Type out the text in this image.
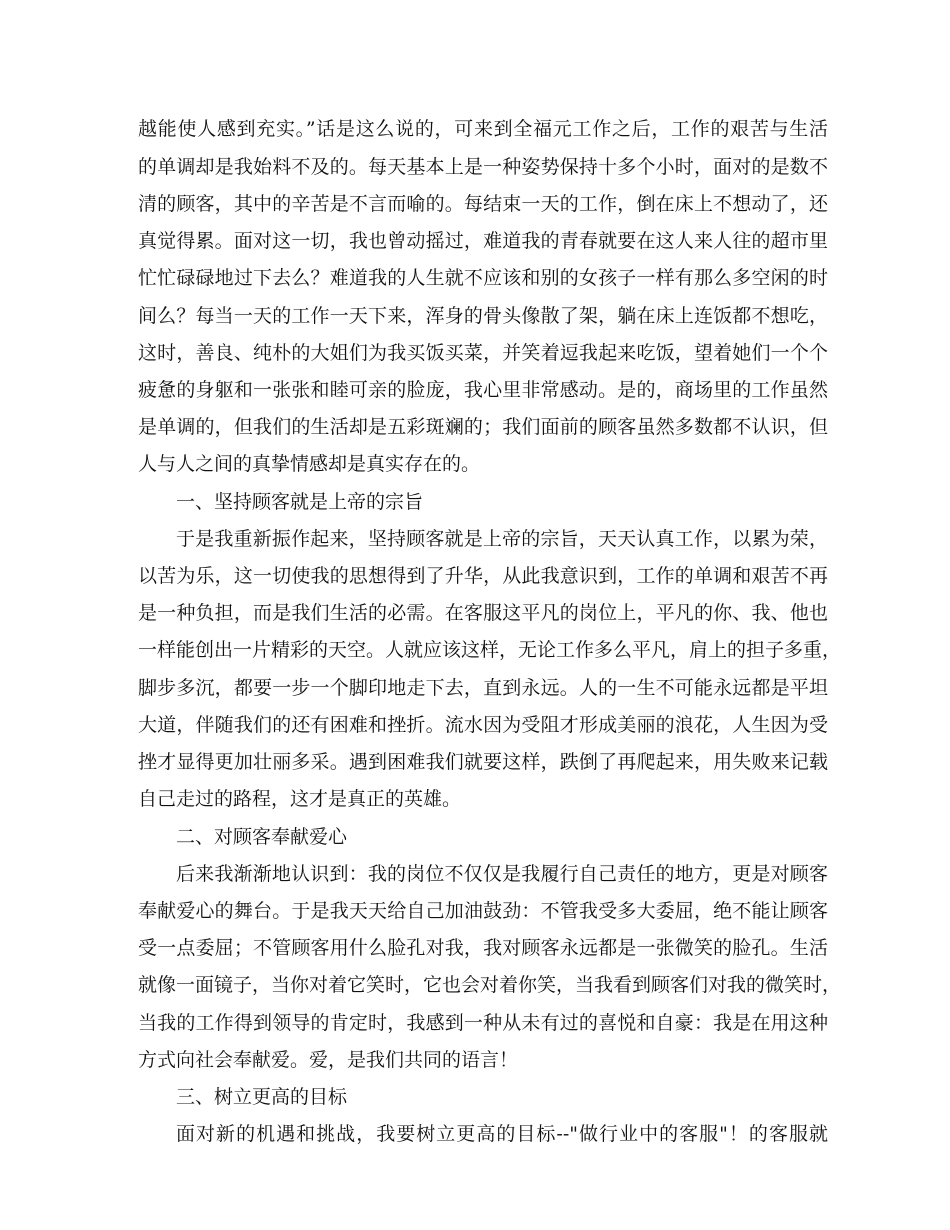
越能使人感到充实。”话是这么说的，可来到全福元工作之后，工作的艰苦与生活
的单调却是我始料不及的。每天基本上是一种姿势保持十多个小时，面对的是数不
清的顾客，其中的辛苦是不言而喻的。每结束一天的工作，倒在床上不想动了，还
真觉得累。面对这一切，我也曾动摇过，难道我的青春就要在这人来人往的超市里
忙忙碌碌地过下去么？难道我的人生就不应该和别的女孩子一样有那么多空闲的时
间么？每当一天的工作一天下来，浑身的骨头像散了架，躺在床上连饭都不想吃，
这时，善良、纯朴的大姐们为我买饭买菜，并笑着逗我起来吃饭，望着她们一个个
疲惫的身躯和一张张和睦可亲的脸庞，我心里非常感动。是的，商场里的工作虽然
是单调的，但我们的生活却是五彩斑斓的；我们面前的顾客虽然多数都不认识，但
人与人之间的真挚情感却是真实存在的。
一、坚持顾客就是上帝的宗旨
于是我重新振作起来，坚持顾客就是上帝的宗旨，天天认真工作，以累为荣，
以苦为乐，这一切使我的思想得到了升华，从此我意识到，工作的单调和艰苦不再
是一种负担，而是我们生活的必需。在客服这平凡的岗位上，平凡的你、我、他也
一样能创出一片精彩的天空。人就应该这样，无论工作多么平凡，肩上的担子多重，
脚步多沉，都要一步一个脚印地走下去，直到永远。人的一生不可能永远都是平坦
大道，伴随我们的还有困难和挫折。流水因为受阻才形成美丽的浪花，人生因为受
挫才显得更加壮丽多采。遇到困难我们就要这样，跌倒了再爬起来，用失败来记载
自己走过的路程，这才是真正的英雄。
二、对顾客奉献爱心
后来我渐渐地认识到：我的岗位不仅仅是我履行自己责任的地方，更是对顾客
奉献爱心的舞台。于是我天天给自己加油鼓劲：不管我受多大委屈，绝不能让顾客
受一点委屈；不管顾客用什么脸孔对我，我对顾客永远都是一张微笑的脸孔。生活
就像一面镜子，当你对着它笑时，它也会对着你笑，当我看到顾客们对我的微笑时，
当我的工作得到领导的肯定时，我感到一种从未有过的喜悦和自豪：我是在用这种
方式向社会奉献爱。爱，是我们共同的语言！
三、树立更高的目标
面对新的机遇和挑战，我要树立更高的目标--"做行业中的客服"！的客服就
